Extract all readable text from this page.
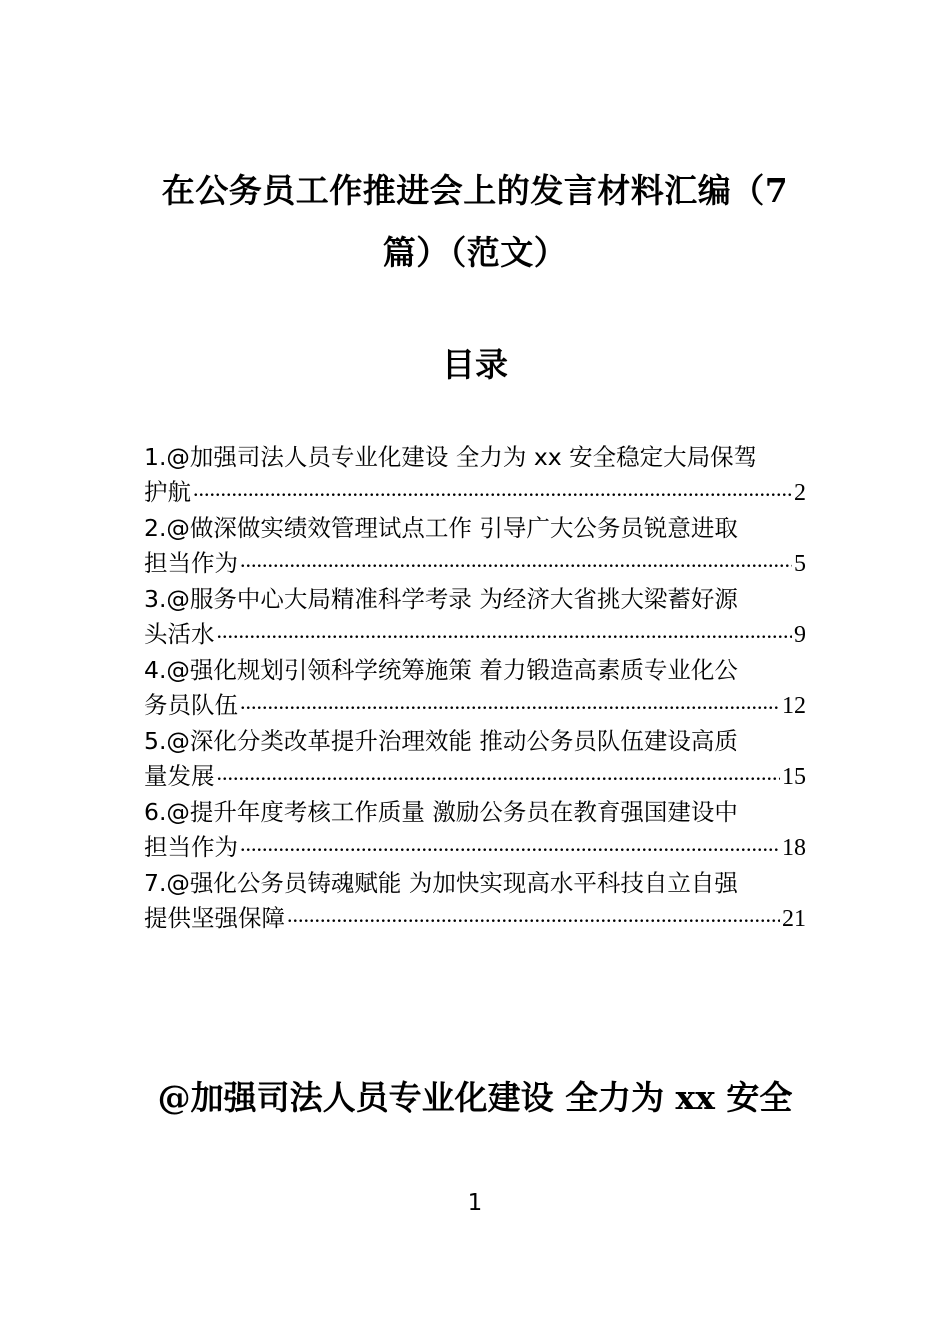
在公务员工作推进会上的发言材料汇编（7
篇）（范文）
目录
1.@加强司法人员专业化建设 全力为 xx 安全稳定大局保驾
护航 .....	2
2.@做深做实绩效管理试点工作 引导广大公务员锐意进取
担当作为 .....	5
3.@服务中心大局精准科学考录 为经济大省挑大梁蓄好源
头活水 .....	9
4.@强化规划引领科学统筹施策 着力锻造高素质专业化公
务员队伍 .....	12
5.@深化分类改革提升治理效能 推动公务员队伍建设高质
量发展 .....	15
6.@提升年度考核工作质量 激励公务员在教育强国建设中
担当作为 .....	18
7.@强化公务员铸魂赋能 为加快实现高水平科技自立自强
提供坚强保障 .....	21
@加强司法人员专业化建设 全力为 xx 安全
1
